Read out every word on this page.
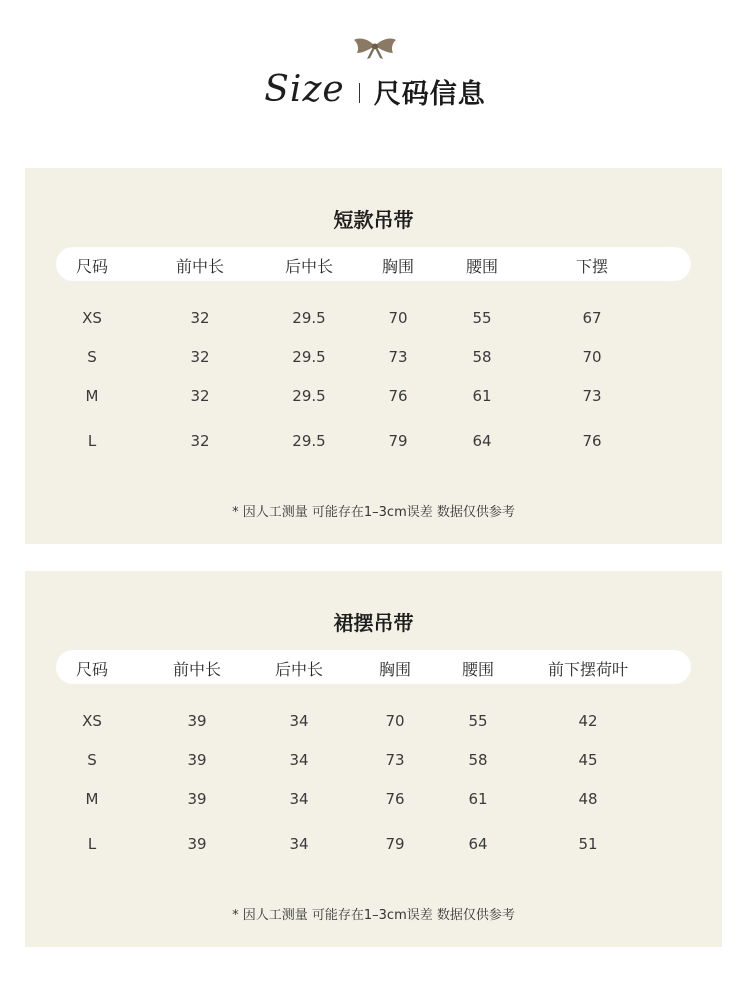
Size 尺码信息
短款吊带
尺码	前中长	后中长	胸围	腰围	下摆
XS	32	29.5	70	55	67
S	32	29.5	73	58	70
M	32	29.5	76	61	73
L	32	29.5	79	64	76
* 因人工测量 可能存在1–3cm误差 数据仅供参考
裙摆吊带
尺码	前中长	后中长	胸围	腰围	前下摆荷叶
XS	39	34	70	55	42
S	39	34	73	58	45
M	39	34	76	61	48
L	39	34	79	64	51
* 因人工测量 可能存在1–3cm误差 数据仅供参考
